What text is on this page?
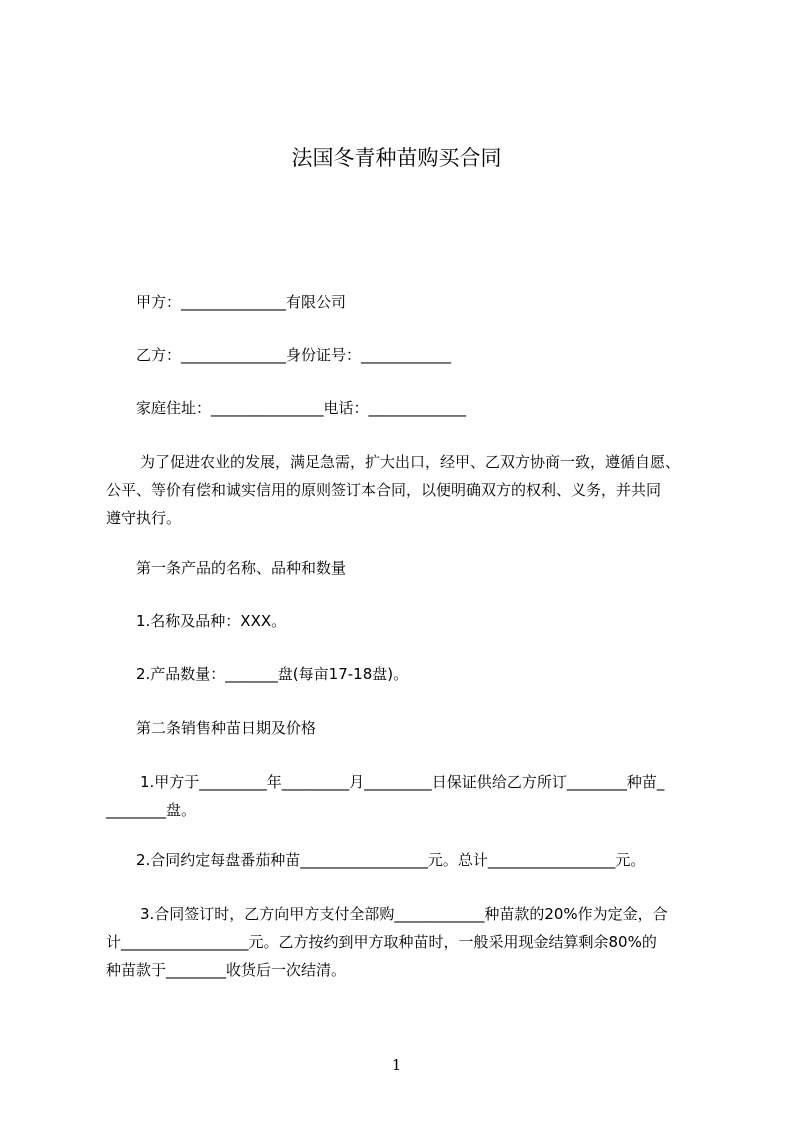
法国冬青种苗购买合同
甲方：______________有限公司
乙方：______________身份证号：____________
家庭住址：_______________电话：_____________
为了促进农业的发展，满足急需，扩大出口，经甲、乙双方协商一致，遵循自愿、
公平、等价有偿和诚实信用的原则签订本合同，以便明确双方的权利、义务，并共同
遵守执行。
第一条产品的名称、品种和数量
1.名称及品种：XXX。
2.产品数量：_______盘(每亩17-18盘)。
第二条销售种苗日期及价格
1.甲方于_________年_________月_________日保证供给乙方所订________种苗_
________盘。
2.合同约定每盘番茄种苗_________________元。总计_________________元。
3.合同签订时，乙方向甲方支付全部购____________种苗款的20%作为定金，合
计_________________元。乙方按约到甲方取种苗时，一般采用现金结算剩余80%的
种苗款于________收货后一次结清。
1
